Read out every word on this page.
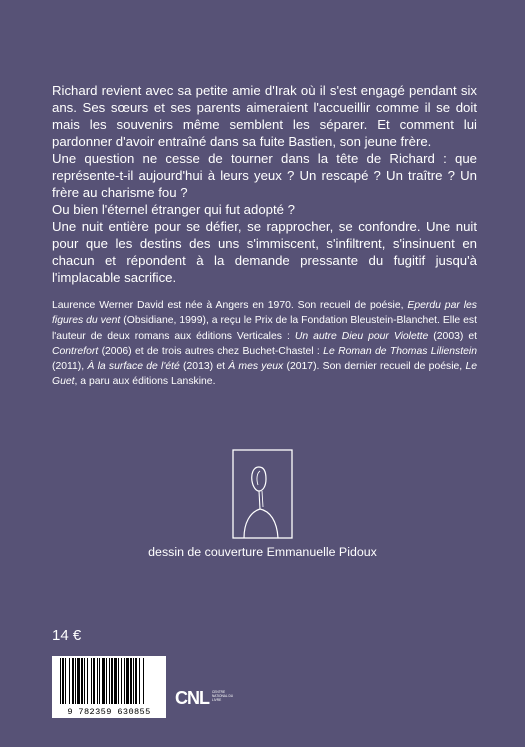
Richard revient avec sa petite amie d'Irak où il s'est engagé pendant six ans. Ses sœurs et ses parents aimeraient l'accueillir comme il se doit mais les souvenirs même semblent les séparer. Et comment lui pardonner d'avoir entraîné dans sa fuite Bastien, son jeune frère.

Une question ne cesse de tourner dans la tête de Richard : que représente-t-il aujourd'hui à leurs yeux ? Un rescapé ? Un traître ? Un frère au charisme fou ?

Ou bien l'éternel étranger qui fut adopté ?

Une nuit entière pour se défier, se rapprocher, se confondre. Une nuit pour que les destins des uns s'immiscent, s'infiltrent, s'insinuent en chacun et répondent à la demande pressante du fugitif jusqu'à l'implacable sacrifice.

Laurence Werner David est née à Angers en 1970. Son recueil de poésie, Eperdu par les figures du vent (Obsidiane, 1999), a reçu le Prix de la Fondation Bleustein-Blanchet. Elle est l'auteur de deux romans aux éditions Verticales : Un autre Dieu pour Violette (2003) et Contrefort (2006) et de trois autres chez Buchet-Chastel : Le Roman de Thomas Lilienstein (2011), À la surface de l'été (2013) et À mes yeux (2017). Son dernier recueil de poésie, Le Guet, a paru aux éditions Lanskine.
dessin de couverture Emmanuelle Pidoux
14 €
9 782359 630855
CNL CENTRE NATIONAL DU LIVRE
